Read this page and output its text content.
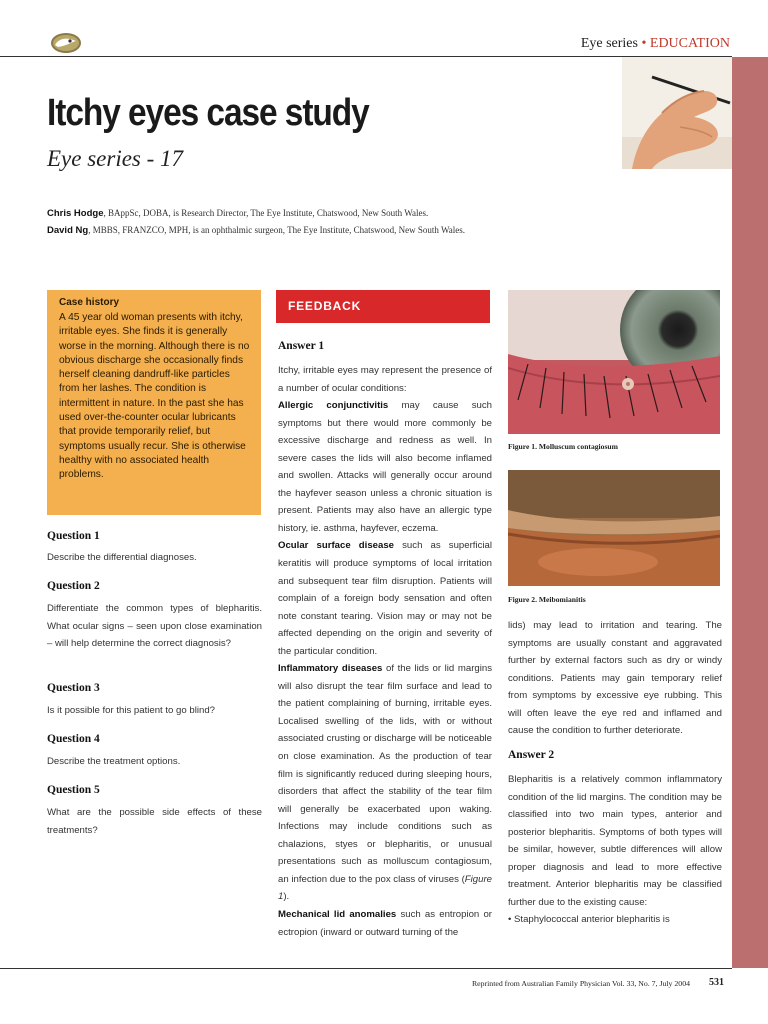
Eye series • EDUCATION
Itchy eyes case study
Eye series - 17
Chris Hodge, BAppSc, DOBA, is Research Director, The Eye Institute, Chatswood, New South Wales.
David Ng, MBBS, FRANZCO, MPH, is an ophthalmic surgeon, The Eye Institute, Chatswood, New South Wales.
Case history
A 45 year old woman presents with itchy, irritable eyes. She finds it is generally worse in the morning. Although there is no obvious discharge she occasionally finds herself cleaning dandruff-like particles from her lashes. The condition is intermittent in nature. In the past she has used over-the-counter ocular lubricants that provide temporarily relief, but symptoms usually recur. She is otherwise healthy with no associated health problems.
Question 1
Describe the differential diagnoses.
Question 2
Differentiate the common types of blepharitis. What ocular signs – seen upon close examination – will help determine the correct diagnosis?
Question 3
Is it possible for this patient to go blind?
Question 4
Describe the treatment options.
Question 5
What are the possible side effects of these treatments?
FEEDBACK
Answer 1
Itchy, irritable eyes may represent the presence of a number of ocular conditions:
Allergic conjunctivitis may cause such symptoms but there would more commonly be excessive discharge and redness as well. In severe cases the lids will also become inflamed and swollen. Attacks will generally occur around the hayfever season unless a chronic situation is present. Patients may also have an allergic type history, ie. asthma, hayfever, eczema.
Ocular surface disease such as superficial keratitis will produce symptoms of local irritation and subsequent tear film disruption. Patients will complain of a foreign body sensation and often note constant tearing. Vision may or may not be affected depending on the origin and severity of the particular condition.
Inflammatory diseases of the lids or lid margins will also disrupt the tear film surface and lead to the patient complaining of burning, irritable eyes. Localised swelling of the lids, with or without associated crusting or discharge will be noticeable on close examination. As the production of tear film is significantly reduced during sleeping hours, disorders that affect the stability of the tear film will generally be exacerbated upon waking. Infections may include conditions such as chalazions, styes or blepharitis, or unusual presentations such as molluscum contagiosum, an infection due to the pox class of viruses (Figure 1).
Mechanical lid anomalies such as entropion or ectropion (inward or outward turning of the
Figure 1. Molluscum contagiosum
Figure 2. Meibomianitis
lids) may lead to irritation and tearing. The symptoms are usually constant and aggravated further by external factors such as dry or windy conditions. Patients may gain temporary relief from symptoms by excessive eye rubbing. This will often leave the eye red and inflamed and cause the condition to further deteriorate.
Answer 2
Blepharitis is a relatively common inflammatory condition of the lid margins. The condition may be classified into two main types, anterior and posterior blepharitis. Symptoms of both types will be similar, however, subtle differences will allow proper diagnosis and lead to more effective treatment. Anterior blepharitis may be classified further due to the existing cause:
• Staphylococcal anterior blepharitis is
Reprinted from Australian Family Physician Vol. 33, No. 7, July 2004 531
